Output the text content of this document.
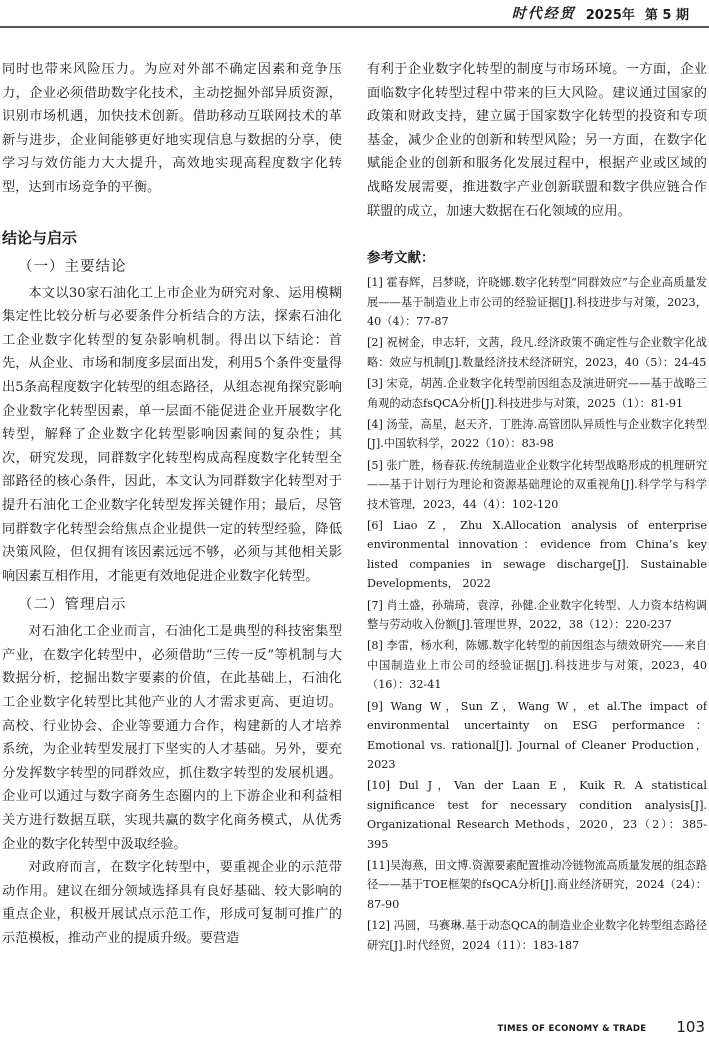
时代经贸 2025年 第 5 期

同时也带来风险压力。为应对外部不确定因素和竞争压力，企业必须借助数字化技术，主动挖掘外部异质资源，识别市场机遇，加快技术创新。借助移动互联网技术的革新与进步，企业间能够更好地实现信息与数据的分享，使学习与效仿能力大大提升，高效地实现高程度数字化转型，达到市场竞争的平衡。

结论与启示
（一）主要结论

本文以30家石油化工上市企业为研究对象、运用模糊集定性比较分析与必要条件分析结合的方法，探索石油化工企业数字化转型的复杂影响机制。得出以下结论：首先，从企业、市场和制度多层面出发，利用5个条件变量得出5条高程度数字化转型的组态路径，从组态视角探究影响企业数字化转型因素，单一层面不能促进企业开展数字化转型，解释了企业数字化转型影响因素间的复杂性；其次，研究发现，同群数字化转型构成高程度数字化转型全部路径的核心条件，因此，本文认为同群数字化转型对于提升石油化工企业数字化转型发挥关键作用；最后，尽管同群数字化转型会给焦点企业提供一定的转型经验，降低决策风险，但仅拥有该因素远远不够，必须与其他相关影响因素互相作用，才能更有效地促进企业数字化转型。

（二）管理启示

对石油化工企业而言，石油化工是典型的科技密集型产业，在数字化转型中，必须借助“三传一反”等机制与大数据分析，挖掘出数字要素的价值，在此基础上，石油化工企业数字化转型比其他产业的人才需求更高、更迫切。高校、行业协会、企业等要通力合作，构建新的人才培养系统，为企业转型发展打下坚实的人才基础。另外，要充分发挥数字转型的同群效应，抓住数字转型的发展机遇。企业可以通过与数字商务生态圈内的上下游企业和利益相关方进行数据互联，实现共赢的数字化商务模式，从优秀企业的数字化转型中汲取经验。

对政府而言，在数字化转型中，要重视企业的示范带动作用。建议在细分领域选择具有良好基础、较大影响的重点企业，积极开展试点示范工作，形成可复制可推广的示范模板，推动产业的提质升级。要营造

有利于企业数字化转型的制度与市场环境。一方面，企业面临数字化转型过程中带来的巨大风险。建议通过国家的政策和财政支持，建立属于国家数字化转型的投资和专项基金，减少企业的创新和转型风险；另一方面，在数字化赋能企业的创新和服务化发展过程中，根据产业或区域的战略发展需要，推进数字产业创新联盟和数字供应链合作联盟的成立，加速大数据在石化领域的应用。

参考文献：

[1] 霍春辉，吕梦晓，许晓娜.数字化转型“同群效应”与企业高质量发展——基于制造业上市公司的经验证据[J].科技进步与对策，2023，40（4）：77-87

[2] 祝树金，申志轩，文茜，段凡.经济政策不确定性与企业数字化战略：效应与机制[J].数量经济技术经济研究，2023，40（5）：24-45

[3] 宋竞，胡茜.企业数字化转型前因组态及演进研究——基于战略三角观的动态fsQCA分析[J].科技进步与对策，2025（1）：81-91

[4] 汤莹，高星，赵天齐，丁胜涛.高管团队异质性与企业数字化转型[J].中国软科学，2022（10）：83-98

[5] 张广胜，杨春荻.传统制造业企业数字化转型战略形成的机理研究——基于计划行为理论和资源基础理论的双重视角[J].科学学与科学技术管理，2023，44（4）：102-120

[6] Liao Z，Zhu X.Allocation analysis of enterprise environmental innovation：evidence from China’s key listed companies in sewage discharge[J]. Sustainable Developments， 2022

[7] 肖土盛，孙瑞琦，袁淳，孙健.企业数字化转型、人力资本结构调整与劳动收入份额[J].管理世界，2022，38（12）：220-237

[8] 李雷，杨水利，陈娜.数字化转型的前因组态与绩效研究——来自中国制造业上市公司的经验证据[J].科技进步与对策，2023，40（16）：32-41

[9] Wang W，Sun Z，Wang W，et al.The impact of environmental uncertainty on ESG performance： Emotional vs. rational[J]. Journal of Cleaner Production，2023

[10] Dul J，Van der Laan E，Kuik R. A statistical significance test for necessary condition analysis[J]. Organizational Research Methods，2020，23（2）：385-395

[11]吴海燕，田文博.资源要素配置推动冷链物流高质量发展的组态路径——基于TOE框架的fsQCA分析[J].商业经济研究，2024（24）：87-90

[12] 冯圆，马赛琳.基于动态QCA的制造业企业数字化转型组态路径研究[J].时代经贸，2024（11）：183-187

TIMES OF ECONOMY & TRADE 103
